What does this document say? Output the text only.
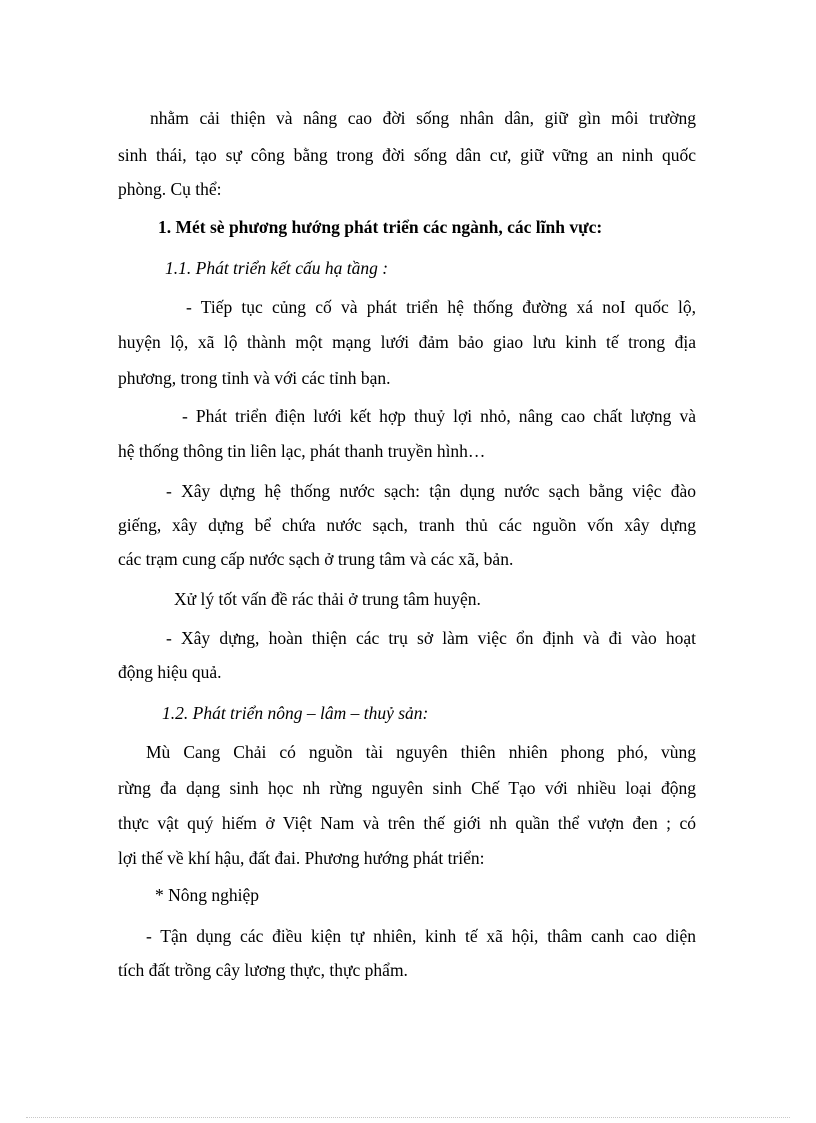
nhằm cải thiện và nâng cao đời sống nhân dân, giữ gìn môi trường
sinh thái, tạo sự công bằng trong đời sống dân cư, giữ vững an ninh quốc
phòng. Cụ thể:
1. Mét sè phương hướng phát triển các ngành, các lĩnh vực:
1.1. Phát triển kết cấu hạ tầng :
- Tiếp tục củng cố và phát triển hệ thống đường xá noI quốc lộ,
huyện lộ, xã lộ thành một mạng lưới đảm bảo giao lưu kinh tế trong địa
phương, trong tỉnh và với các tỉnh bạn.
- Phát triển điện lưới kết hợp thuỷ lợi nhỏ, nâng cao chất lượng và
hệ thống thông tin liên lạc, phát thanh truyền hình…
- Xây dựng hệ thống nước sạch: tận dụng nước sạch bằng việc đào
giếng, xây dựng bể chứa nước sạch, tranh thủ các nguồn vốn xây dựng
các trạm cung cấp nước sạch ở trung tâm và các xã, bản.
Xử lý tốt vấn đề rác thải ở trung tâm huyện.
- Xây dựng, hoàn thiện các trụ sở làm việc ổn định và đi vào hoạt
động hiệu quả.
1.2. Phát triển nông – lâm – thuỷ sản:
Mù Cang Chải có nguồn tài nguyên thiên nhiên phong phó, vùng
rừng đa dạng sinh học nh rừng nguyên sinh Chế Tạo với nhiều loại động
thực vật quý hiếm ở Việt Nam và trên thế giới nh quần thể vượn đen ; có
lợi thế về khí hậu, đất đai. Phương hướng phát triển:
* Nông nghiệp
- Tận dụng các điều kiện tự nhiên, kinh tế xã hội, thâm canh cao diện
tích đất trồng cây lương thực, thực phẩm.
